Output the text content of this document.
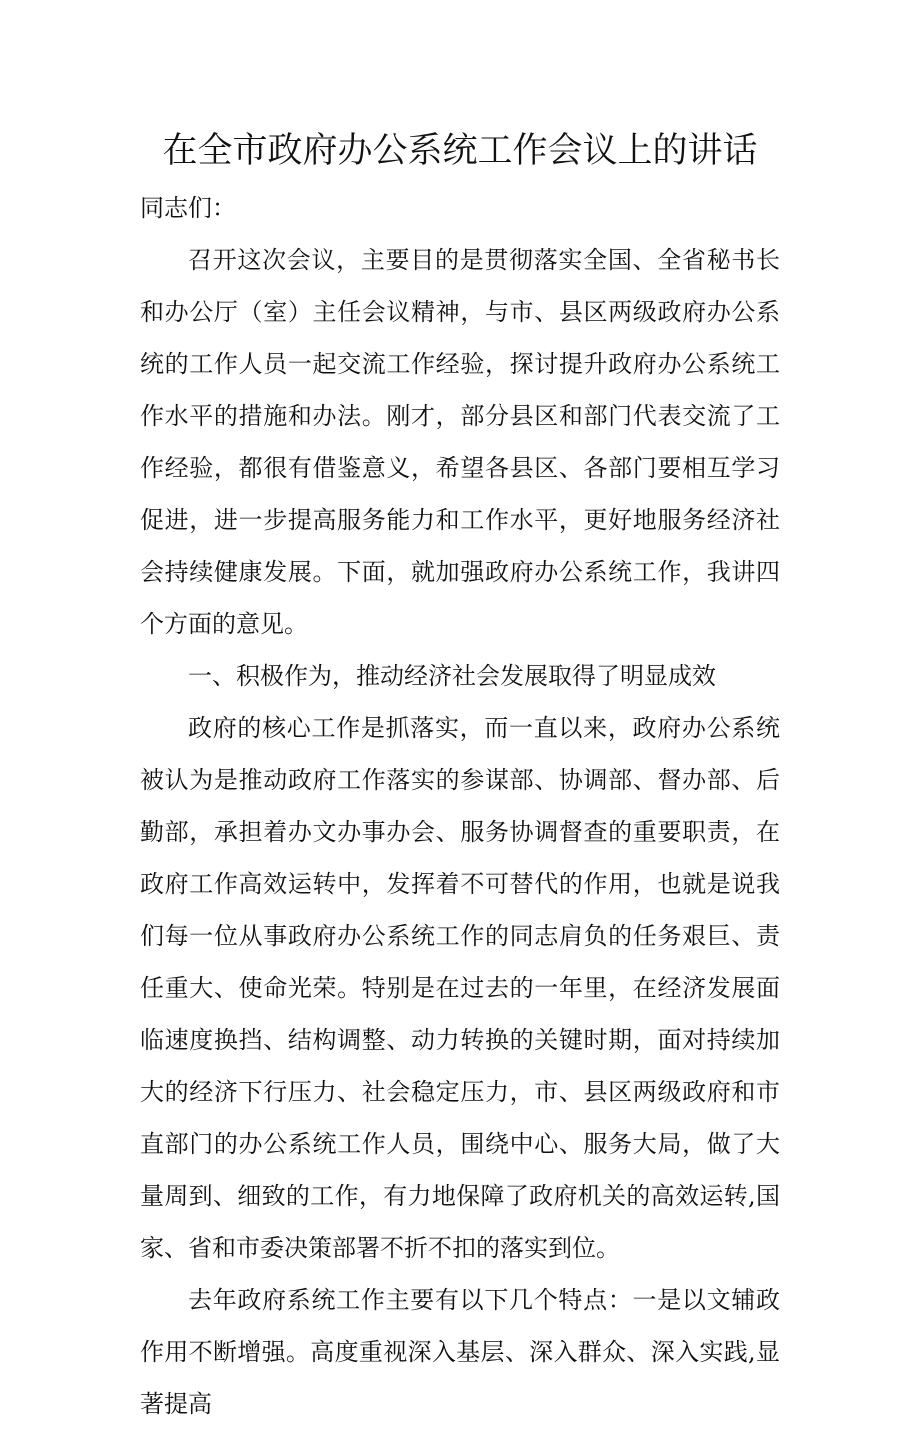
在全市政府办公系统工作会议上的讲话

同志们：

召开这次会议，主要目的是贯彻落实全国、全省秘书长和办公厅（室）主任会议精神，与市、县区两级政府办公系统的工作人员一起交流工作经验，探讨提升政府办公系统工作水平的措施和办法。刚才，部分县区和部门代表交流了工作经验，都很有借鉴意义，希望各县区、各部门要相互学习促进，进一步提高服务能力和工作水平，更好地服务经济社会持续健康发展。下面，就加强政府办公系统工作，我讲四个方面的意见。

一、积极作为，推动经济社会发展取得了明显成效

政府的核心工作是抓落实，而一直以来，政府办公系统被认为是推动政府工作落实的参谋部、协调部、督办部、后勤部，承担着办文办事办会、服务协调督查的重要职责，在政府工作高效运转中，发挥着不可替代的作用，也就是说我们每一位从事政府办公系统工作的同志肩负的任务艰巨、责任重大、使命光荣。特别是在过去的一年里，在经济发展面临速度换挡、结构调整、动力转换的关键时期，面对持续加大的经济下行压力、社会稳定压力，市、县区两级政府和市直部门的办公系统工作人员，围绕中心、服务大局，做了大量周到、细致的工作，有力地保障了政府机关的高效运转,国家、省和市委决策部署不折不扣的落实到位。

去年政府系统工作主要有以下几个特点：一是以文辅政作用不断增强。高度重视深入基层、深入群众、深入实践,显著提高
